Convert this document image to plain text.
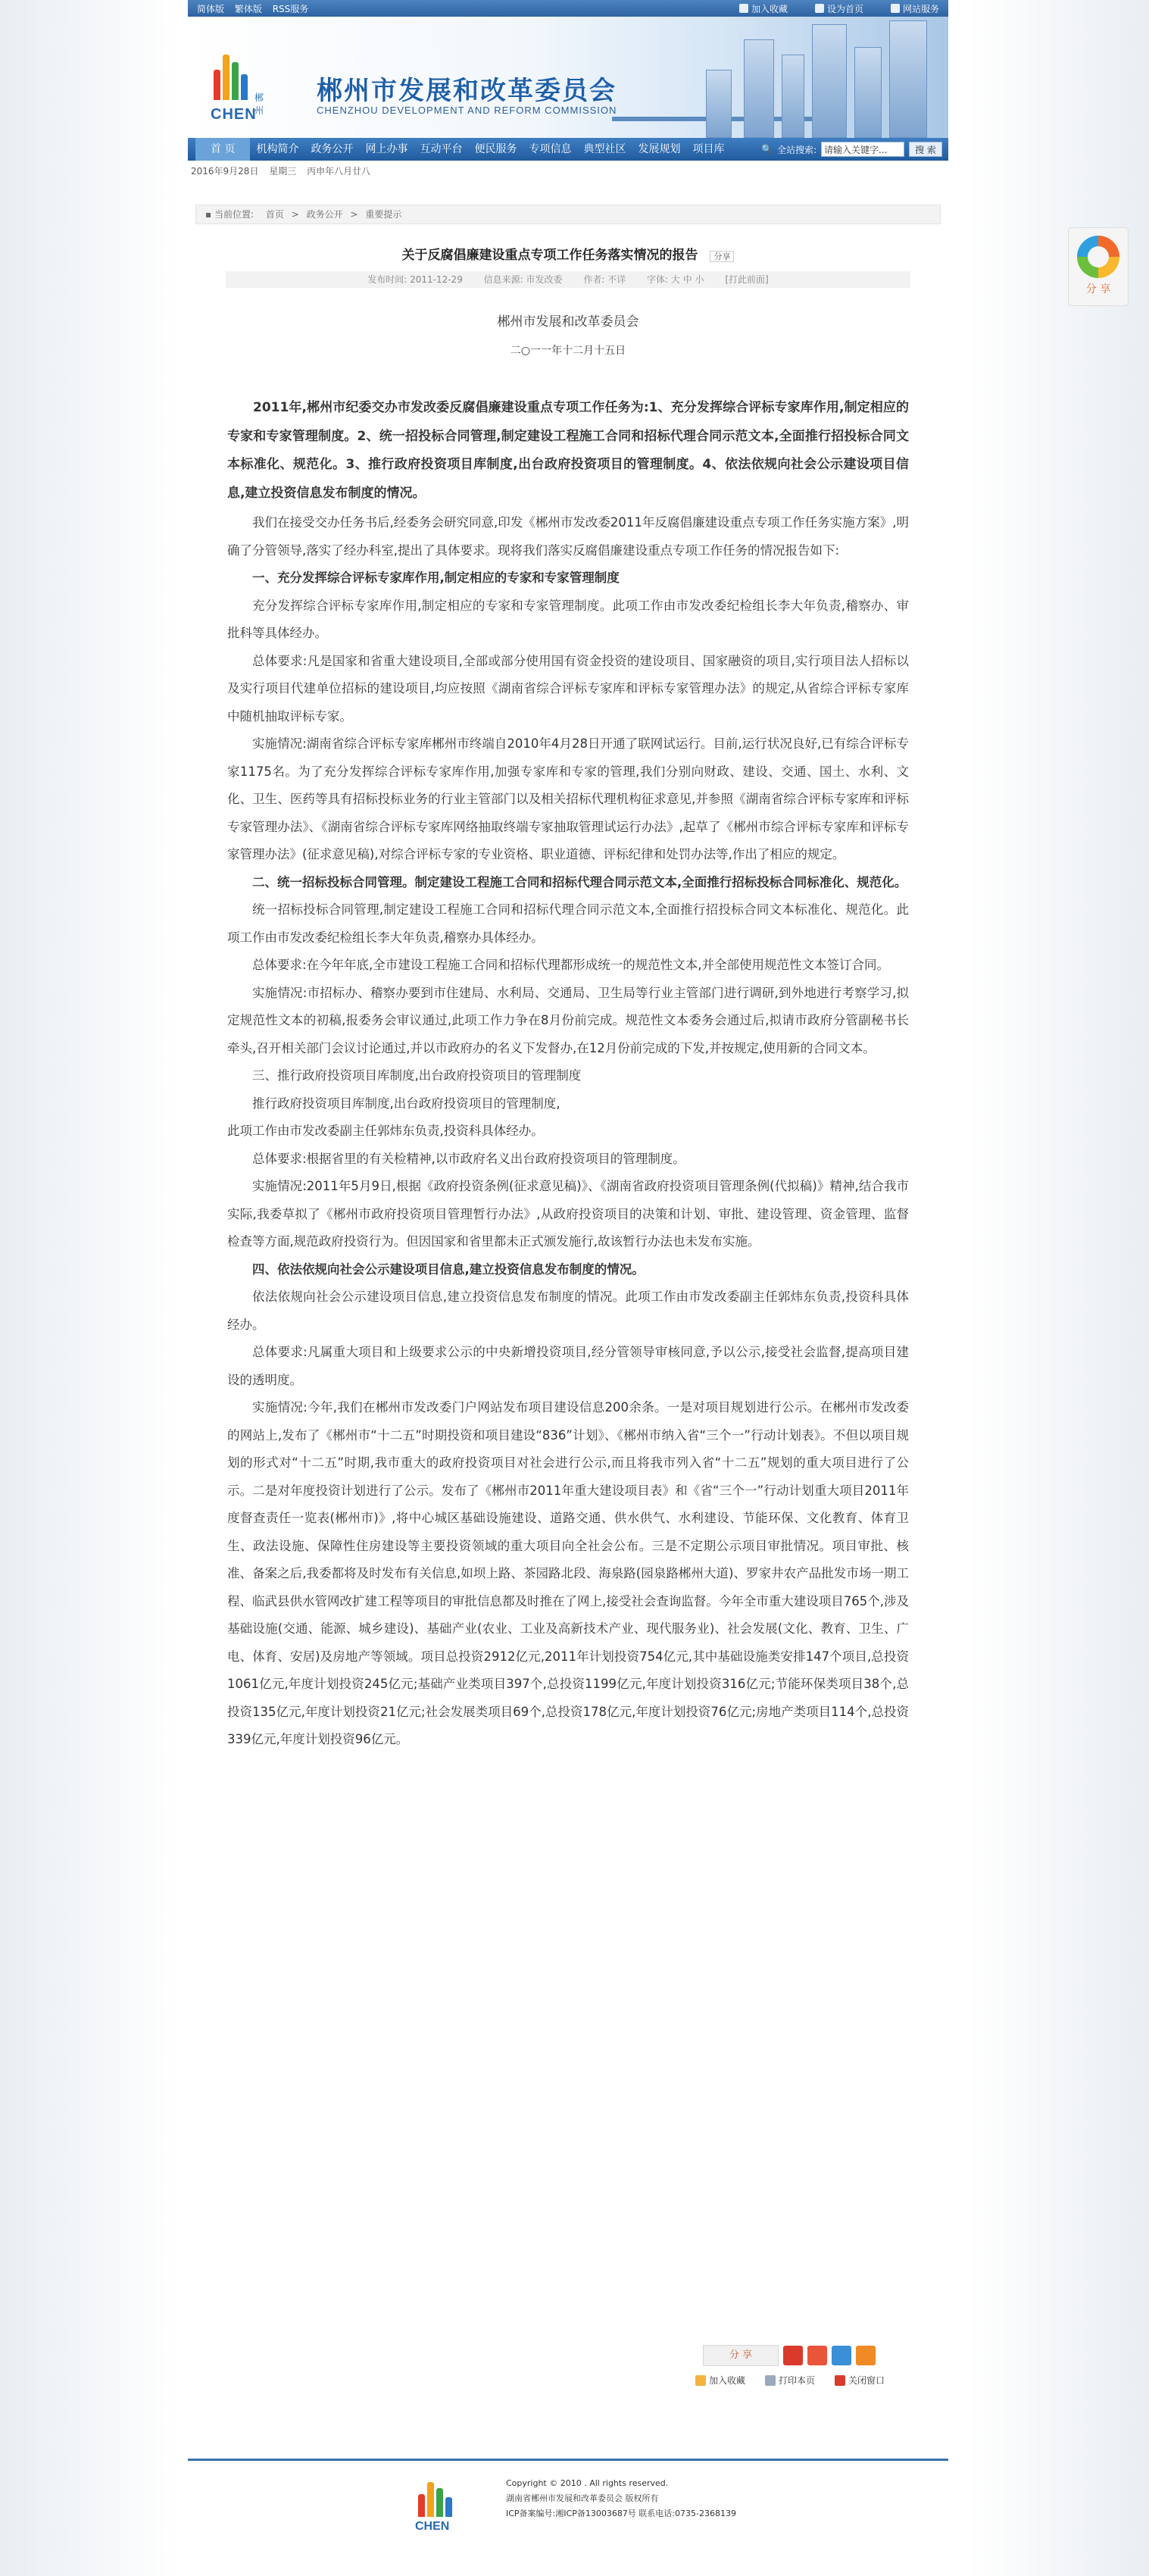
简体版 繁体版 RSS服务	加入收藏	设为首页	网站服务
CHEN
郴州
郴州市发展和改革委员会
CHENZHOU DEVELOPMENT AND REFORM COMMISSION
首 页	机构简介	政务公开	网上办事	互动平台	便民服务	专项信息	典型社区	发展规划	项目库	🔍 全站搜索:
请输入关键字...	搜 索
2016年9月28日 星期三 丙申年八月廿八
▪ 当前位置: 首页 > 政务公开 > 重要提示
关于反腐倡廉建设重点专项工作任务落实情况的报告 分享
发布时间: 2011-12-29 信息来源: 市发改委 作者: 不详 字体: 大 中 小 [打此前面]
郴州市发展和改革委员会
二○一一年十二月十五日

2011年,郴州市纪委交办市发改委反腐倡廉建设重点专项工作任务为:1、充分发挥综合评标专家库作用,制定相应的专家和专家管理制度。2、统一招投标合同管理,制定建设工程施工合同和招标代理合同示范文本,全面推行招投标合同文本标准化、规范化。3、推行政府投资项目库制度,出台政府投资项目的管理制度。4、依法依规向社会公示建设项目信息,建立投资信息发布制度的情况。

我们在接受交办任务书后,经委务会研究同意,印发《郴州市发改委2011年反腐倡廉建设重点专项工作任务实施方案》,明确了分管领导,落实了经办科室,提出了具体要求。现将我们落实反腐倡廉建设重点专项工作任务的情况报告如下:

一、充分发挥综合评标专家库作用,制定相应的专家和专家管理制度

充分发挥综合评标专家库作用,制定相应的专家和专家管理制度。此项工作由市发改委纪检组长李大年负责,稽察办、审批科等具体经办。

总体要求:凡是国家和省重大建设项目,全部或部分使用国有资金投资的建设项目、国家融资的项目,实行项目法人招标以及实行项目代建单位招标的建设项目,均应按照《湖南省综合评标专家库和评标专家管理办法》的规定,从省综合评标专家库中随机抽取评标专家。

实施情况:湖南省综合评标专家库郴州市终端自2010年4月28日开通了联网试运行。目前,运行状况良好,已有综合评标专家1175名。为了充分发挥综合评标专家库作用,加强专家库和专家的管理,我们分别向财政、建设、交通、国土、水利、文化、卫生、医药等具有招标投标业务的行业主管部门以及相关招标代理机构征求意见,并参照《湖南省综合评标专家库和评标专家管理办法》、《湖南省综合评标专家库网络抽取终端专家抽取管理试运行办法》,起草了《郴州市综合评标专家库和评标专家管理办法》(征求意见稿),对综合评标专家的专业资格、职业道德、评标纪律和处罚办法等,作出了相应的规定。

二、统一招标投标合同管理。制定建设工程施工合同和招标代理合同示范文本,全面推行招标投标合同标准化、规范化。

统一招标投标合同管理,制定建设工程施工合同和招标代理合同示范文本,全面推行招投标合同文本标准化、规范化。此项工作由市发改委纪检组长李大年负责,稽察办具体经办。

总体要求:在今年年底,全市建设工程施工合同和招标代理都形成统一的规范性文本,并全部使用规范性文本签订合同。

实施情况:市招标办、稽察办要到市住建局、水利局、交通局、卫生局等行业主管部门进行调研,到外地进行考察学习,拟定规范性文本的初稿,报委务会审议通过,此项工作力争在8月份前完成。规范性文本委务会通过后,拟请市政府分管副秘书长牵头,召开相关部门会议讨论通过,并以市政府办的名义下发督办,在12月份前完成的下发,并按规定,使用新的合同文本。

三、推行政府投资项目库制度,出台政府投资项目的管理制度

推行政府投资项目库制度,出台政府投资项目的管理制度,

此项工作由市发改委副主任郭炜东负责,投资科具体经办。

总体要求:根据省里的有关检精神,以市政府名义出台政府投资项目的管理制度。

实施情况:2011年5月9日,根据《政府投资条例(征求意见稿)》、《湖南省政府投资项目管理条例(代拟稿)》精神,结合我市实际,我委草拟了《郴州市政府投资项目管理暂行办法》,从政府投资项目的决策和计划、审批、建设管理、资金管理、监督检查等方面,规范政府投资行为。但因国家和省里都未正式颁发施行,故该暂行办法也未发布实施。

四、依法依规向社会公示建设项目信息,建立投资信息发布制度的情况。

依法依规向社会公示建设项目信息,建立投资信息发布制度的情况。此项工作由市发改委副主任郭炜东负责,投资科具体经办。

总体要求:凡属重大项目和上级要求公示的中央新增投资项目,经分管领导审核同意,予以公示,接受社会监督,提高项目建设的透明度。

实施情况:今年,我们在郴州市发改委门户网站发布项目建设信息200余条。一是对项目规划进行公示。在郴州市发改委的网站上,发布了《郴州市“十二五”时期投资和项目建设“836”计划》、《郴州市纳入省“三个一”行动计划表》。不但以项目规划的形式对“十二五”时期,我市重大的政府投资项目对社会进行公示,而且将我市列入省“十二五”规划的重大项目进行了公示。二是对年度投资计划进行了公示。发布了《郴州市2011年重大建设项目表》和《省“三个一”行动计划重大项目2011年度督查责任一览表(郴州市)》,将中心城区基础设施建设、道路交通、供水供气、水利建设、节能环保、文化教育、体育卫生、政法设施、保障性住房建设等主要投资领域的重大项目向全社会公布。三是不定期公示项目审批情况。项目审批、核准、备案之后,我委都将及时发布有关信息,如坝上路、茶园路北段、海泉路(园泉路郴州大道)、罗家井农产品批发市场一期工程、临武县供水管网改扩建工程等项目的审批信息都及时推在了网上,接受社会查询监督。今年全市重大建设项目765个,涉及基础设施(交通、能源、城乡建设)、基础产业(农业、工业及高新技术产业、现代服务业)、社会发展(文化、教育、卫生、广电、体育、安居)及房地产等领域。项目总投资2912亿元,2011年计划投资754亿元,其中基础设施类安排147个项目,总投资1061亿元,年度计划投资245亿元;基础产业类项目397个,总投资1199亿元,年度计划投资316亿元;节能环保类项目38个,总投资135亿元,年度计划投资21亿元;社会发展类项目69个,总投资178亿元,年度计划投资76亿元;房地产类项目114个,总投资339亿元,年度计划投资96亿元。

分 享
加入收藏	打印本页	关闭窗口
CHEN
Copyright © 2010 . All rights reserved.
湖南省郴州市发展和改革委员会 版权所有
ICP备案编号:湘ICP备13003687号 联系电话:0735-2368139
分 享
